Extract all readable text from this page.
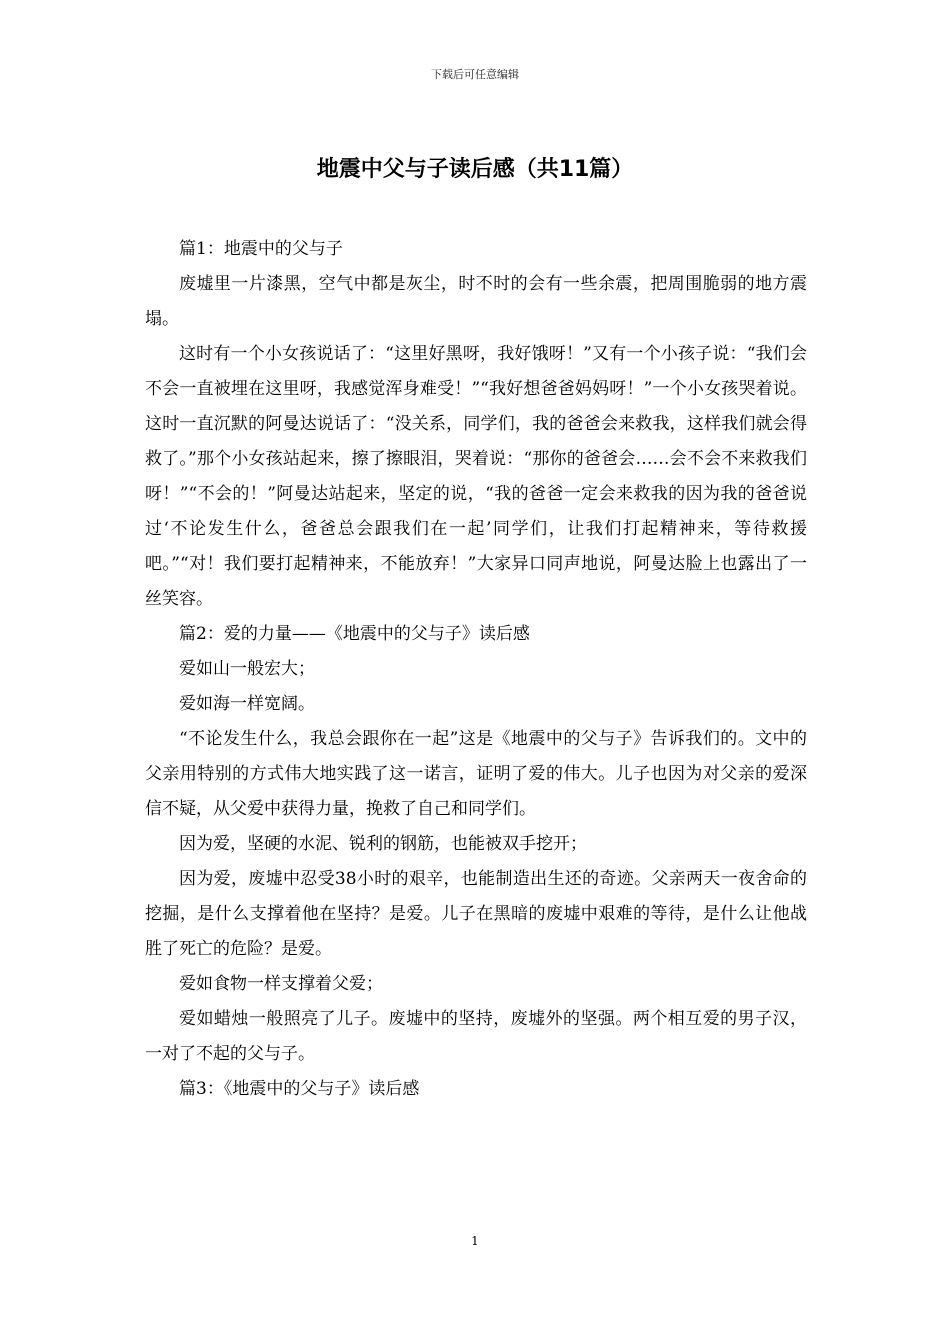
下载后可任意编辑
地震中父与子读后感（共11篇）

篇1：地震中的父与子

废墟里一片漆黑，空气中都是灰尘，时不时的会有一些余震，把周围脆弱的地方震塌。

这时有一个小女孩说话了：“这里好黑呀，我好饿呀！”又有一个小孩子说：“我们会不会一直被埋在这里呀，我感觉浑身难受！”“我好想爸爸妈妈呀！”一个小女孩哭着说。这时一直沉默的阿曼达说话了：“没关系，同学们，我的爸爸会来救我，这样我们就会得救了。”那个小女孩站起来，擦了擦眼泪，哭着说：“那你的爸爸会……会不会不来救我们呀！”“不会的！”阿曼达站起来，坚定的说，“我的爸爸一定会来救我的因为我的爸爸说过‘不论发生什么，爸爸总会跟我们在一起’同学们，让我们打起精神来，等待救援吧。”“对！我们要打起精神来，不能放弃！”大家异口同声地说，阿曼达脸上也露出了一丝笑容。

篇2：爱的力量——《地震中的父与子》读后感

爱如山一般宏大；

爱如海一样宽阔。

“不论发生什么，我总会跟你在一起”这是《地震中的父与子》告诉我们的。文中的父亲用特别的方式伟大地实践了这一诺言，证明了爱的伟大。儿子也因为对父亲的爱深信不疑，从父爱中获得力量，挽救了自己和同学们。

因为爱，坚硬的水泥、锐利的钢筋，也能被双手挖开；

因为爱，废墟中忍受38小时的艰辛，也能制造出生还的奇迹。父亲两天一夜舍命的挖掘，是什么支撑着他在坚持？是爱。儿子在黑暗的废墟中艰难的等待，是什么让他战胜了死亡的危险？是爱。

爱如食物一样支撑着父爱；

爱如蜡烛一般照亮了儿子。废墟中的坚持，废墟外的坚强。两个相互爱的男子汉，一对了不起的父与子。

篇3：《地震中的父与子》读后感

1
